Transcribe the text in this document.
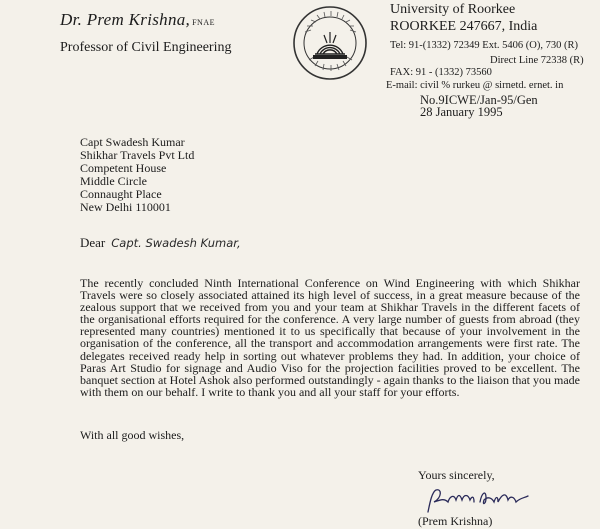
Dr. Prem Krishna, FNAE
Professor of Civil Engineering
University of Roorkee
ROORKEE 247667, India
Tel: 91-(1332) 72349 Ext. 5406 (O), 730 (R)
Direct Line 72338 (R)
FAX: 91 - (1332) 73560
E-mail: civil % rurkeu @ sirnetd. ernet. in
No.9ICWE/Jan-95/Gen
28 January 1995
Capt Swadesh Kumar
Shikhar Travels Pvt Ltd
Competent House
Middle Circle
Connaught Place
New Delhi 110001
Dear Capt. Swadesh Kumar,
The recently concluded Ninth International Conference on Wind Engineering with which Shikhar Travels were so closely associated attained its high level of success, in a great measure because of the zealous support that we received from you and your team at Shikhar Travels in the different facets of the organisational efforts required for the conference. A very large number of guests from abroad (they represented many countries) mentioned it to us specifically that because of your involvement in the organisation of the conference, all the transport and accommodation arrangements were first rate. The delegates received ready help in sorting out whatever problems they had. In addition, your choice of Paras Art Studio for signage and Audio Viso for the projection facilities proved to be excellent. The banquet section at Hotel Ashok also performed outstandingly - again thanks to the liaison that you made with them on our behalf. I write to thank you and all your staff for your efforts.
With all good wishes,
Yours sincerely,
(Prem Krishna)
